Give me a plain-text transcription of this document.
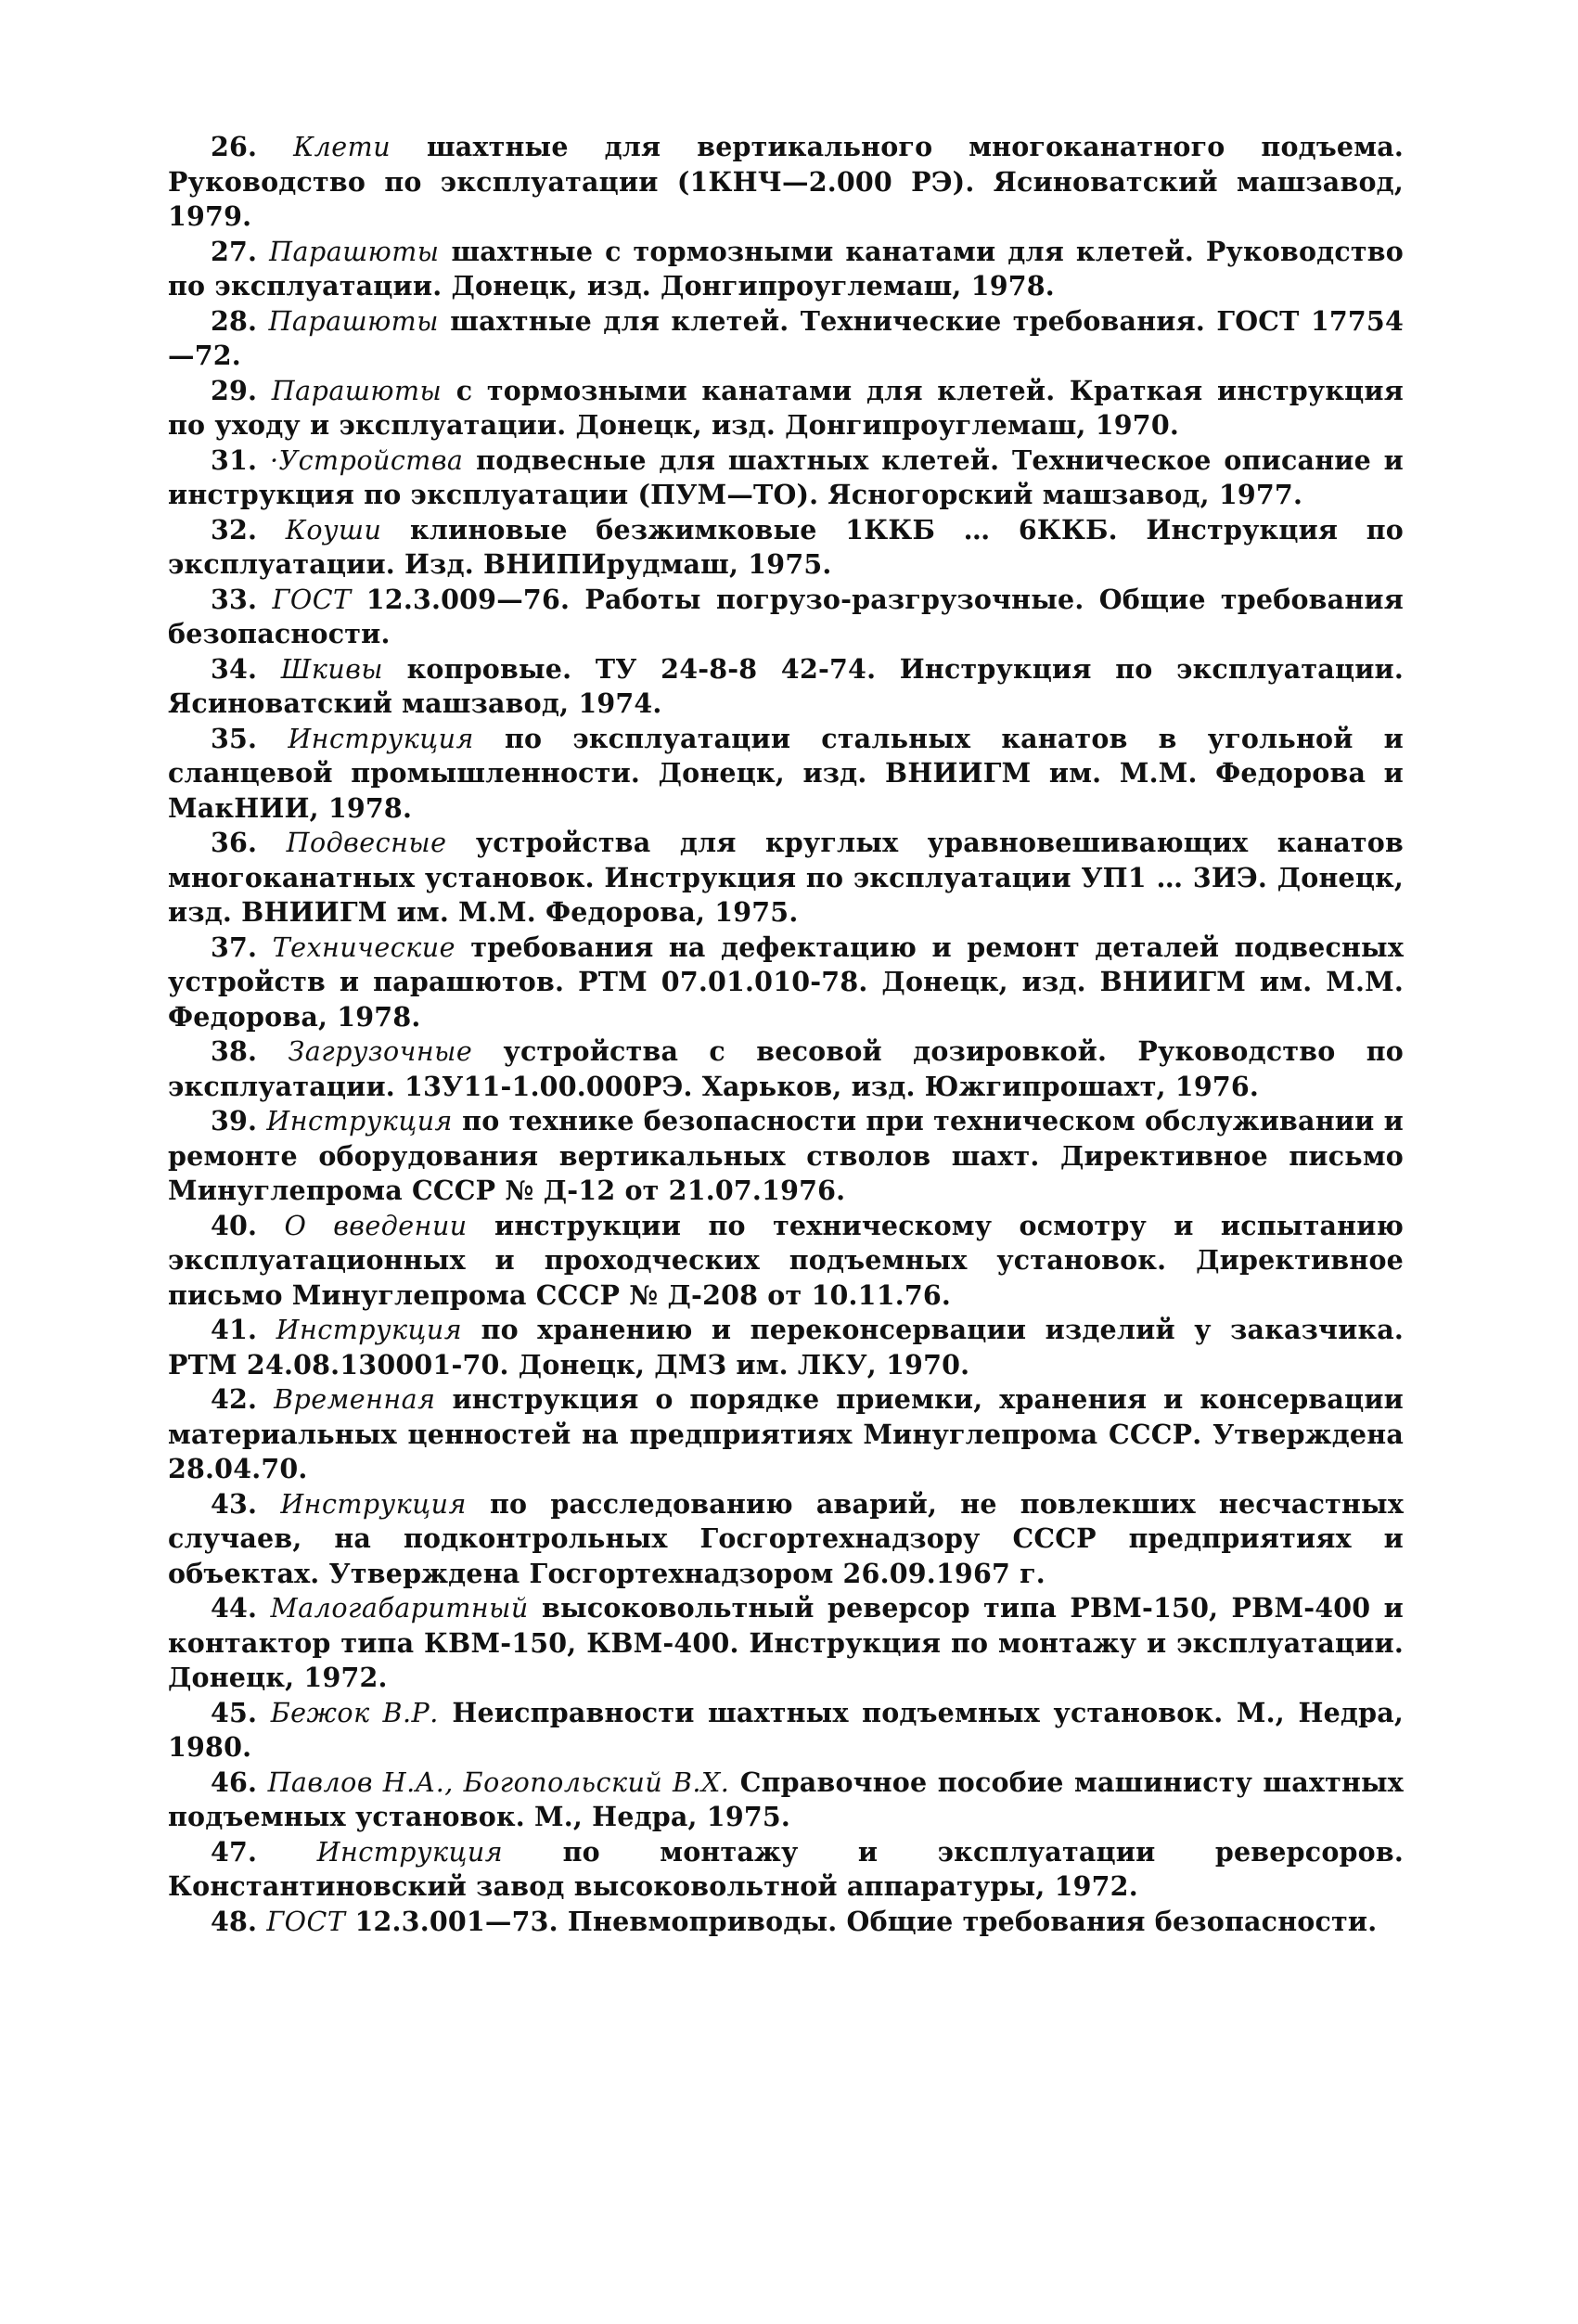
26. Клети шахтные для вертикального многоканатного подъема. Руководство по эксплуатации (1КНЧ—2.000 РЭ). Ясиноватский машзавод, 1979.

27. Парашюты шахтные с тормозными канатами для клетей. Руководство по эксплуатации. Донецк, изд. Донгипроуглемаш, 1978.

28. Парашюты шахтные для клетей. Технические требования. ГОСТ 17754—72.

29. Парашюты с тормозными канатами для клетей. Краткая инструкция по уходу и эксплуатации. Донецк, изд. Донгипроуглемаш, 1970.

31. ·Устройства подвесные для шахтных клетей. Техническое описание и инструкция по эксплуатации (ПУМ—ТО). Ясногорский машзавод, 1977.

32. Коуши клиновые безжимковые 1ККБ … 6ККБ. Инструкция по эксплуатации. Изд. ВНИПИрудмаш, 1975.

33. ГОСТ 12.3.009—76. Работы погрузо-разгрузочные. Общие требования безопасности.

34. Шкивы копровые. ТУ 24-8-8 42-74. Инструкция по эксплуатации. Ясиноватский машзавод, 1974.

35. Инструкция по эксплуатации стальных канатов в угольной и сланцевой промышленности. Донецк, изд. ВНИИГМ им. М.М. Федорова и МакНИИ, 1978.

36. Подвесные устройства для круглых уравновешивающих канатов многоканатных установок. Инструкция по эксплуатации УП1 … 3ИЭ. Донецк, изд. ВНИИГМ им. М.М. Федорова, 1975.

37. Технические требования на дефектацию и ремонт деталей подвесных устройств и парашютов. РТМ 07.01.010-78. Донецк, изд. ВНИИГМ им. М.М. Федорова, 1978.

38. Загрузочные устройства с весовой дозировкой. Руководство по эксплуатации. 13У11-1.00.000РЭ. Харьков, изд. Южгипрошахт, 1976.

39. Инструкция по технике безопасности при техническом обслуживании и ремонте оборудования вертикальных стволов шахт. Директивное письмо Минуглепрома СССР № Д-12 от 21.07.1976.

40. О введении инструкции по техническому осмотру и испытанию эксплуатационных и проходческих подъемных установок. Директивное письмо Минуглепрома СССР № Д-208 от 10.11.76.

41. Инструкция по хранению и переконсервации изделий у заказчика. РТМ 24.08.130001-70. Донецк, ДМЗ им. ЛКУ, 1970.

42. Временная инструкция о порядке приемки, хранения и консервации материальных ценностей на предприятиях Минуглепрома СССР. Утверждена 28.04.70.

43. Инструкция по расследованию аварий, не повлекших несчастных случаев, на подконтрольных Госгортехнадзору СССР предприятиях и объектах. Утверждена Госгортехнадзором 26.09.1967 г.

44. Малогабаритный высоковольтный реверсор типа РВМ-150, РВМ-400 и контактор типа КВМ-150, КВМ-400. Инструкция по монтажу и эксплуатации. Донецк, 1972.

45. Бежок В.Р. Неисправности шахтных подъемных установок. М., Недра, 1980.

46. Павлов Н.А., Богопольский В.Х. Справочное пособие машинисту шахтных подъемных установок. М., Недра, 1975.

47. Инструкция по монтажу и эксплуатации реверсоров. Константиновский завод высоковольтной аппаратуры, 1972.

48. ГОСТ 12.3.001—73. Пневмоприводы. Общие требования безопасности.
